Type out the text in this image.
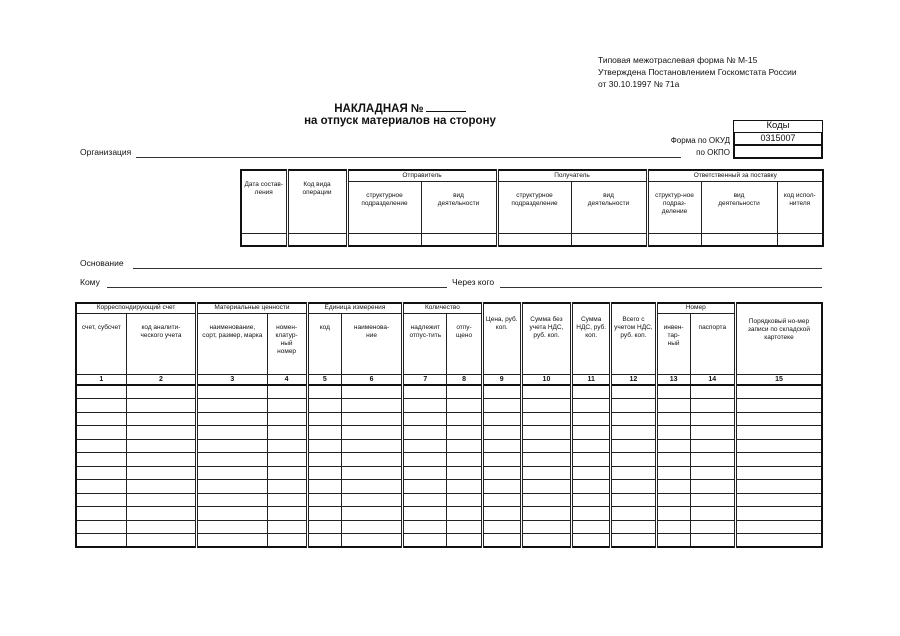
Типовая межотраслевая форма № М-15
Утверждена Постановлением Госкомстата России
от 30.10.1997 № 71а
НАКЛАДНАЯ №
на отпуск материалов на сторону
Форма по ОКУД
по ОКПО
Коды
0315007
Организация
Дата состав-ления	Код вида операции	Отправитель		Получатель		Ответственный за поставку		
		структурное подразделение	вид деятельности	структурное подразделение	вид деятельности	структур-ное подраз-деление	вид деятельности	код испол-нителя

Основание
Кому	Через кого
Корреспондирующий счет		Материальные ценности		Единица измерения		Количество		Цена, руб. коп.	Сумма без учета НДС, руб. коп.	Сумма НДС, руб. коп.	Всего с учетом НДС, руб. коп.	Номер		Порядковый но-мер записи по складской картотеке
счет, субсчет	код аналити-ческого учета	наименование, сорт, размер, марка	номен-клатур-ный номер	код	наименова-ние	надлежит отпус-тить	отпу-щено					инвен-тар-ный	паспорта	
1	2	3	4	5	6	7	8	9	10	11	12	13	14	15
